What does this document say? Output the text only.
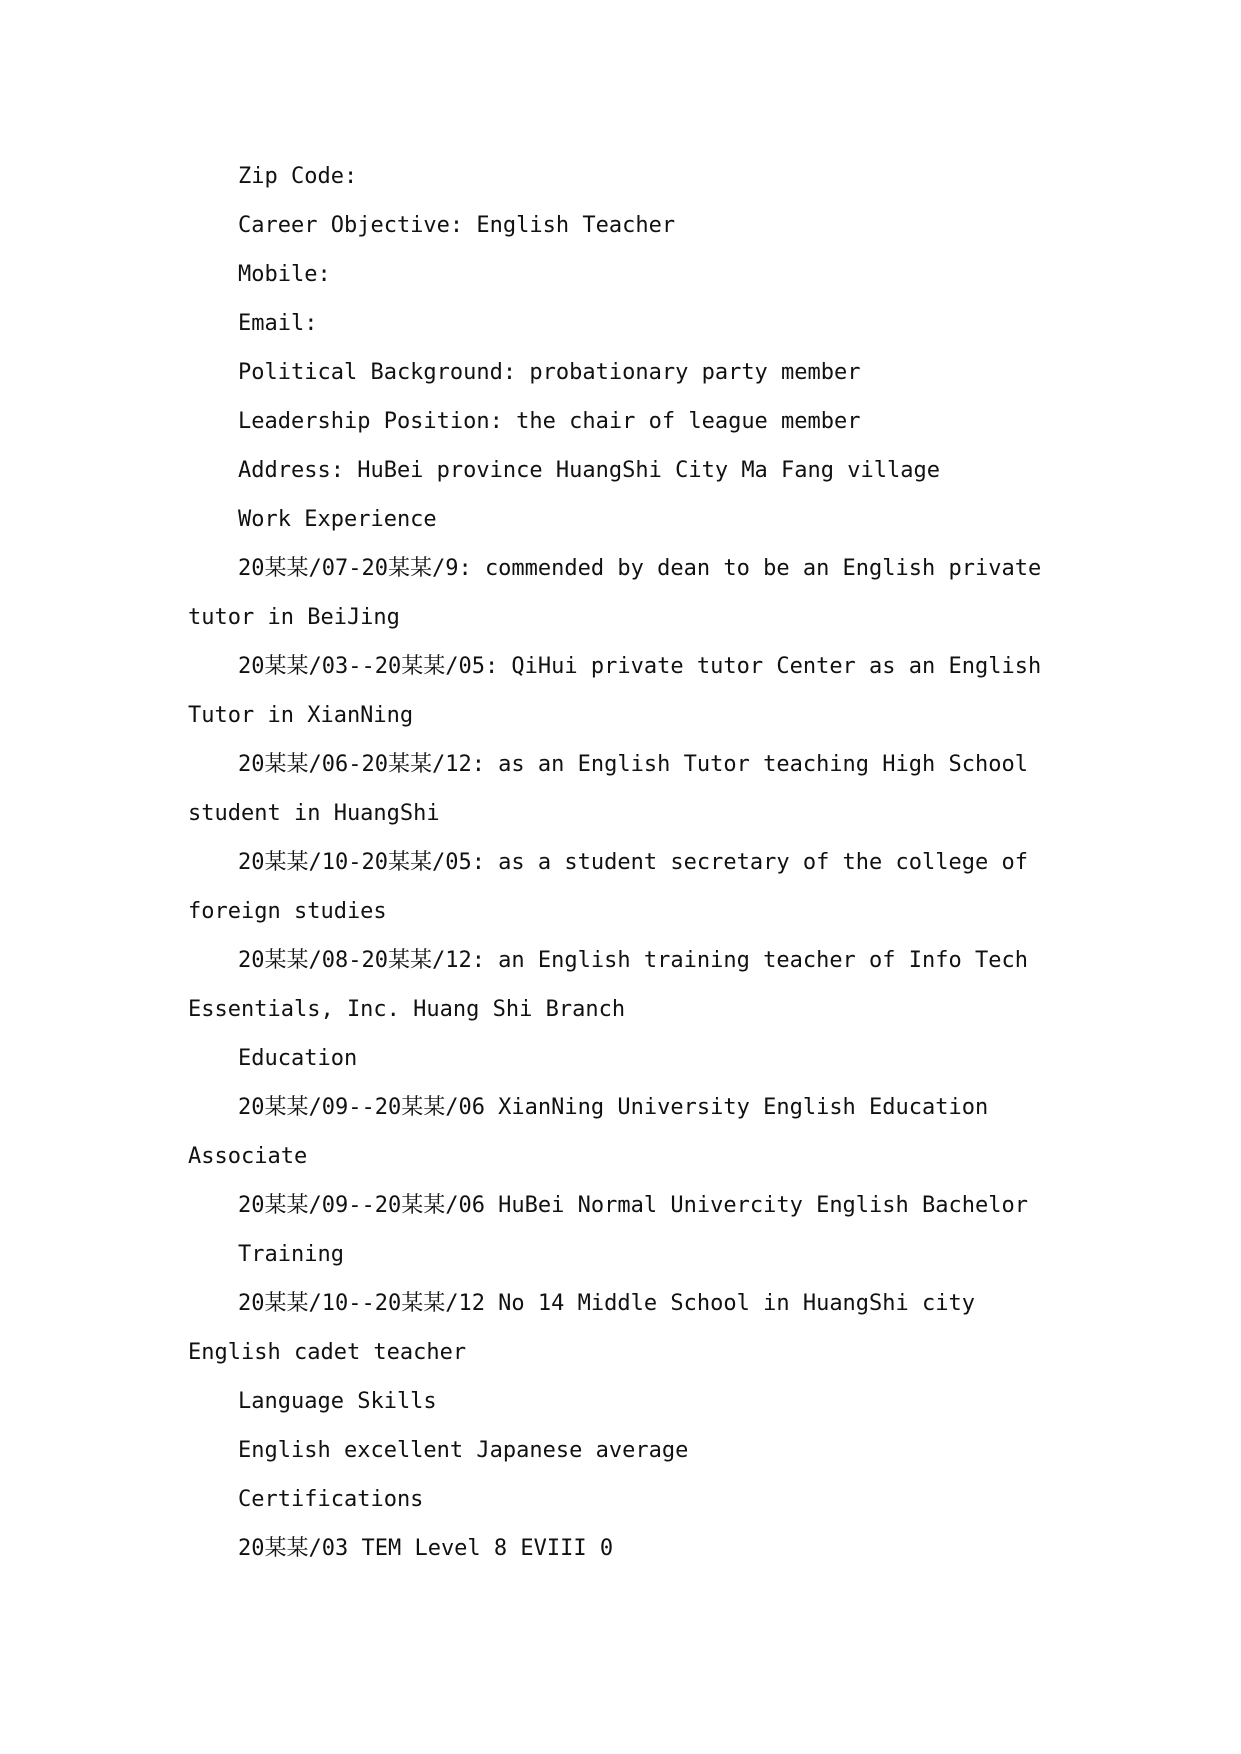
Zip Code:

Career Objective: English Teacher

Mobile:

Email:

Political Background: probationary party member

Leadership Position: the chair of league member

Address: HuBei province HuangShi City Ma Fang village

Work Experience

20某某/07-20某某/9: commended by dean to be an English private

tutor in BeiJing

20某某/03--20某某/05: QiHui private tutor Center as an English

Tutor in XianNing

20某某/06-20某某/12: as an English Tutor teaching High School

student in HuangShi

20某某/10-20某某/05: as a student secretary of the college of

foreign studies

20某某/08-20某某/12: an English training teacher of Info Tech

Essentials, Inc. Huang Shi Branch

Education

20某某/09--20某某/06 XianNing University English Education

Associate

20某某/09--20某某/06 HuBei Normal Univercity English Bachelor

Training

20某某/10--20某某/12 No 14 Middle School in HuangShi city

English cadet teacher

Language Skills

English excellent Japanese average

Certifications

20某某/03 TEM Level 8 EVIII 0
